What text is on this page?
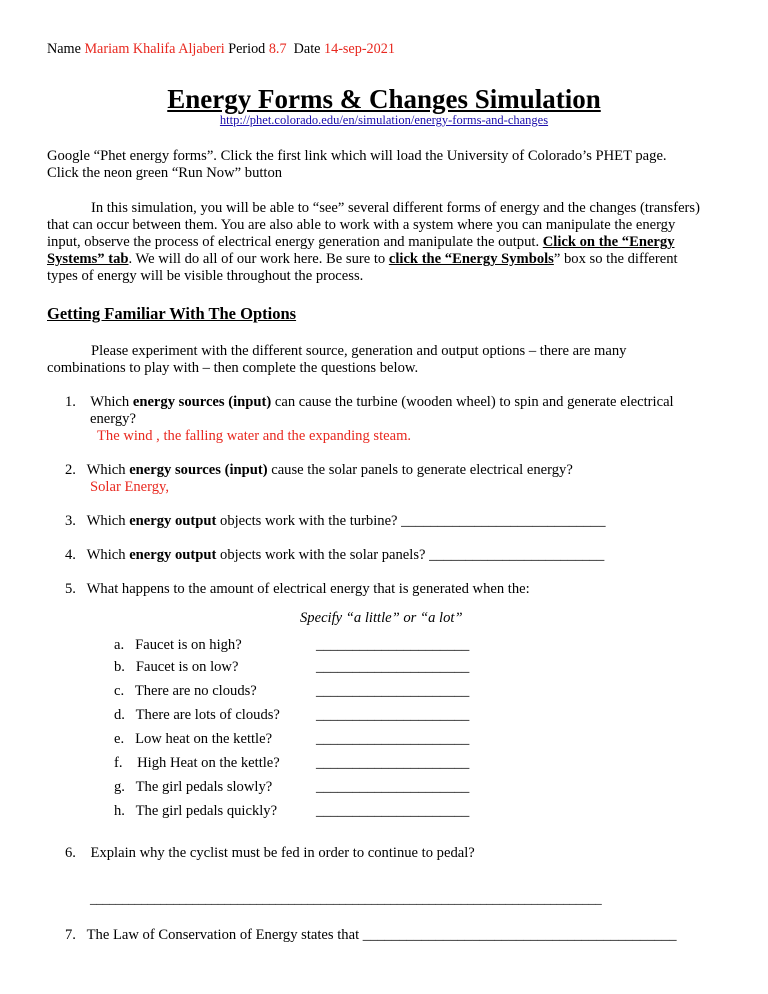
Name Mariam Khalifa Aljaberi Period 8.7 Date 14-sep-2021
Energy Forms & Changes Simulation
http://phet.colorado.edu/en/simulation/energy-forms-and-changes
Google “Phet energy forms”. Click the first link which will load the University of Colorado’s PHET page.
Click the neon green “Run Now” button
In this simulation, you will be able to “see” several different forms of energy and the changes (transfers)
that can occur between them. You are also able to work with a system where you can manipulate the energy
input, observe the process of electrical energy generation and manipulate the output. Click on the “Energy
Systems” tab. We will do all of our work here. Be sure to click the “Energy Symbols” box so the different
types of energy will be visible throughout the process.
Getting Familiar With The Options
Please experiment with the different source, generation and output options – there are many
combinations to play with – then complete the questions below.
1. Which energy sources (input) can cause the turbine (wooden wheel) to spin and generate electrical
energy?
The wind , the falling water and the expanding steam.
2. Which energy sources (input) cause the solar panels to generate electrical energy?
Solar Energy,
3. Which energy output objects work with the turbine? ____________________________
4. Which energy output objects work with the solar panels? ________________________
5. What happens to the amount of electrical energy that is generated when the:
Specify “a little” or “a lot”
a. Faucet is on high?	_____________________
b. Faucet is on low?	_____________________
c. There are no clouds?	_____________________
d. There are lots of clouds? _____________________
e. Low heat on the kettle?	_____________________
f. High Heat on the kettle? _____________________
g. The girl pedals slowly?	_____________________
h. The girl pedals quickly?	_____________________
6. Explain why the cyclist must be fed in order to continue to pedal?
________________________________________________________________________________
7. The Law of Conservation of Energy states that ___________________________________________
